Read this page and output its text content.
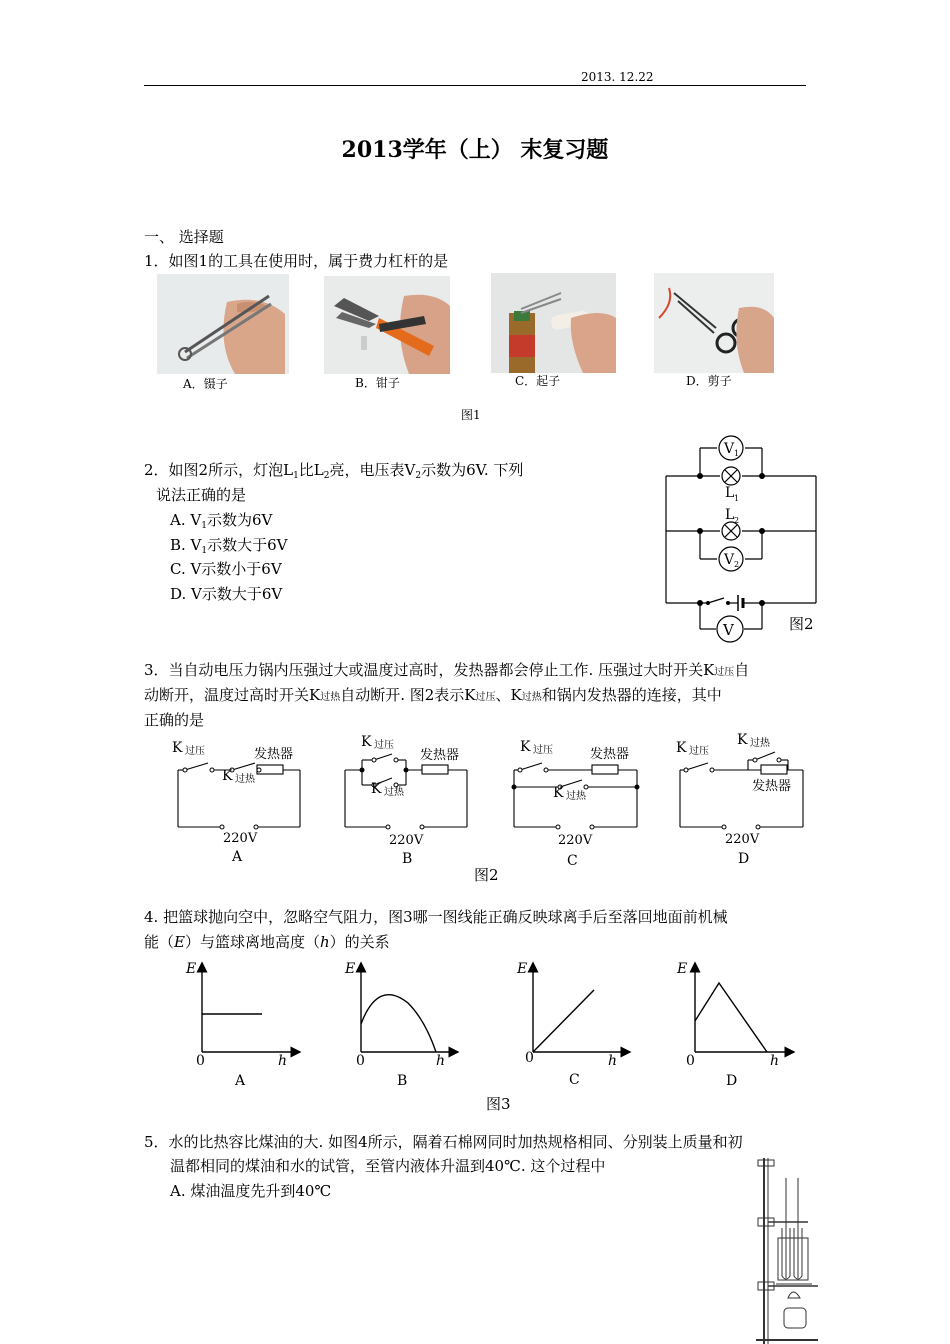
2013. 12.22
2013学年（上） 末复习题
一、 选择题
1．如图1的工具在使用时，属于费力杠杆的是
A．镊子	B．钳子	C．起子	D．剪子
图1
2．如图2所示，灯泡$L_1$比$L_2$亮，电压表$V_2$示数为6V. 下列
说法正确的是
A. $V_1$示数为6V
B. $V_1$示数大于6V
C. V示数小于6V
D. V示数大于6V
V 1
L 1
L 2
V 2
V	图2
3．当自动电压力锅内压强过大或温度过高时，发热器都会停止工作. 压强过大时开关K过压自
动断开，温度过高时开关K过热自动断开. 图2表示K过压、K过热和锅内发热器的连接，其中
正确的是
K 过压
K 过热
发热器
220V
A
K 过压
K 过热
发热器
220V
B
K 过压
K 过热
发热器
220V
C
K 过压
K 过热
发热器
220V
D
图2
4. 把篮球抛向空中，忽略空气阻力，图3哪一图线能正确反映球离手后至落回地面前机械
能（E）与篮球离地高度（h）的关系
E
h
0
A
E
h
0
B
E
h
0
C
E
h
0
D
图3
5．水的比热容比煤油的大. 如图4所示，隔着石棉网同时加热规格相同、分别装上质量和初
温都相同的煤油和水的试管，至管内液体升温到40℃. 这个过程中
A. 煤油温度先升到40℃
